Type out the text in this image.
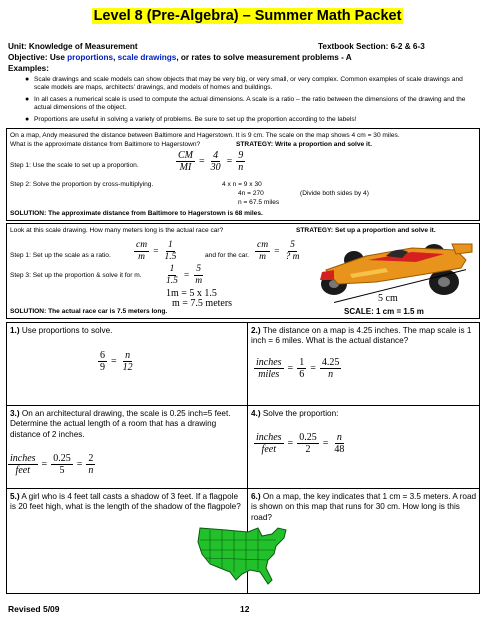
Level 8 (Pre-Algebra) – Summer Math Packet
Unit: Knowledge of Measurement	Textbook Section: 6-2 & 6-3
Objective: Use proportions, scale drawings, or rates to solve measurement problems - A
Examples:
● Scale drawings and scale models can show objects that may be very big, or very small, or very complex. Common examples of scale drawings and scale models are maps, architects' drawings, and models of homes and buildings.
● In all cases a numerical scale is used to compute the actual dimensions. A scale is a ratio – the ratio between the dimensions of the drawing and the actual dimensions of the object.
● Proportions are useful in solving a variety of problems. Be sure to set up the proportion according to the labels!
On a map, Andy measured the distance between Baltimore and Hagerstown. It is 9 cm. The scale on the map shows 4 cm = 30 miles.
What is the approximate distance from Baltimore to Hagerstown?	STRATEGY: Write a proportion and solve it.
Step 1: Use the scale to set up a proportion.	$\frac{CM}{MI} = \frac{4}{30} = \frac{9}{n}$
Step 2: Solve the proportion by cross-multiplying.	4 x n = 9 x 30
4n = 270	(Divide both sides by 4)
n = 67.5 miles
SOLUTION: The approximate distance from Baltimore to Hagerstown is 68 miles.
Look at this scale drawing. How many meters long is the actual race car?	STRATEGY: Set up a proportion and solve it.
Step 1: Set up the scale as a ratio. $\frac{cm}{m} = \frac{1}{1.5}$	and for the car. $\frac{cm}{m} = \frac{5}{? m}$
Step 3: Set up the proportion & solve it for m. $\frac{1}{1.5} = \frac{5}{m}$
1m = 5 x 1.5
m = 7.5 meters
SOLUTION: The actual race car is 7.5 meters long.
5 cm
SCALE: 1 cm = 1.5 m
1.) Use proportions to solve.
$\frac{6}{9} = \frac{n}{12}$
2.) The distance on a map is 4.25 inches. The map scale is 1 inch = 6 miles. What is the actual distance?
$\frac{\text{inches}}{\text{miles}} = \frac{1}{6} = \frac{4.25}{n}$
3.) On an architectural drawing, the scale is 0.25 inch=5 feet. Determine the actual length of a room that has a drawing distance of 2 inches.
$\frac{\text{inches}}{\text{feet}} = \frac{0.25}{5} = \frac{2}{n}$
4.) Solve the proportion:
$\frac{\text{inches}}{\text{feet}} = \frac{0.25}{2} = \frac{n}{48}$
5.) A girl who is 4 feet tall casts a shadow of 3 feet. If a flagpole is 20 feet high, what is the length of the shadow of the flagpole?
6.) On a map, the key indicates that 1 cm = 3.5 meters. A road is shown on this map that runs for 30 cm. How long is this road?
Revised 5/09	12
